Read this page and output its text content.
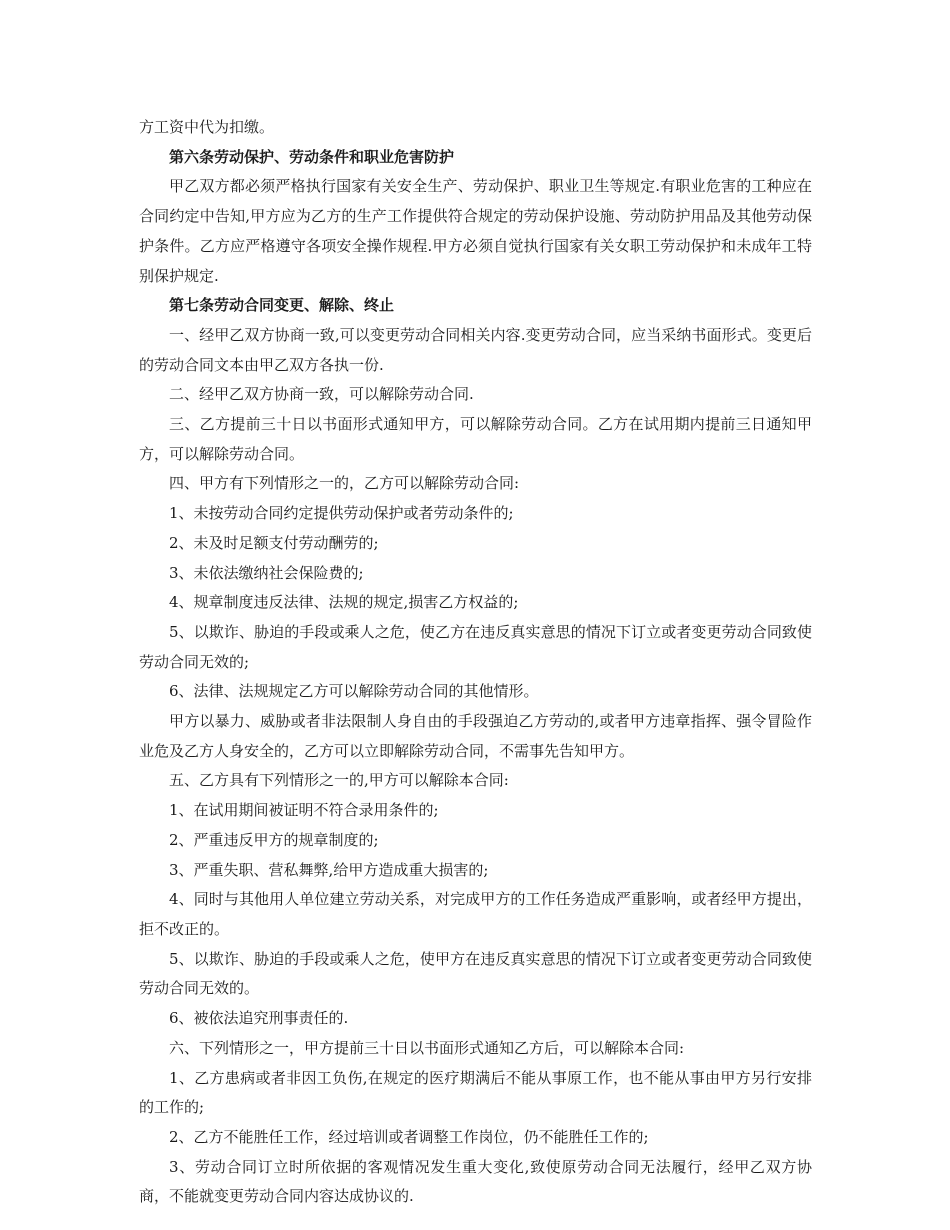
方工资中代为扣缴。

第六条劳动保护、劳动条件和职业危害防护

甲乙双方都必须严格执行国家有关安全生产、劳动保护、职业卫生等规定.有职业危害的工种应在合同约定中告知,甲方应为乙方的生产工作提供符合规定的劳动保护设施、劳动防护用品及其他劳动保护条件。乙方应严格遵守各项安全操作规程.甲方必须自觉执行国家有关女职工劳动保护和未成年工特别保护规定.

第七条劳动合同变更、解除、终止

一、经甲乙双方协商一致,可以变更劳动合同相关内容.变更劳动合同，应当采纳书面形式。变更后的劳动合同文本由甲乙双方各执一份.

二、经甲乙双方协商一致，可以解除劳动合同.

三、乙方提前三十日以书面形式通知甲方，可以解除劳动合同。乙方在试用期内提前三日通知甲方，可以解除劳动合同。

四、甲方有下列情形之一的，乙方可以解除劳动合同:

1、未按劳动合同约定提供劳动保护或者劳动条件的;

2、未及时足额支付劳动酬劳的;

3、未依法缴纳社会保险费的;

4、规章制度违反法律、法规的规定,损害乙方权益的;

5、以欺诈、胁迫的手段或乘人之危，使乙方在违反真实意思的情况下订立或者变更劳动合同致使劳动合同无效的;

6、法律、法规规定乙方可以解除劳动合同的其他情形。

甲方以暴力、威胁或者非法限制人身自由的手段强迫乙方劳动的,或者甲方违章指挥、强令冒险作业危及乙方人身安全的，乙方可以立即解除劳动合同，不需事先告知甲方。

五、乙方具有下列情形之一的,甲方可以解除本合同:

1、在试用期间被证明不符合录用条件的;

2、严重违反甲方的规章制度的;

3、严重失职、营私舞弊,给甲方造成重大损害的;

4、同时与其他用人单位建立劳动关系，对完成甲方的工作任务造成严重影响，或者经甲方提出，拒不改正的。

5、以欺诈、胁迫的手段或乘人之危，使甲方在违反真实意思的情况下订立或者变更劳动合同致使劳动合同无效的。

6、被依法追究刑事责任的.

六、下列情形之一，甲方提前三十日以书面形式通知乙方后，可以解除本合同:

1、乙方患病或者非因工负伤,在规定的医疗期满后不能从事原工作，也不能从事由甲方另行安排的工作的;

2、乙方不能胜任工作，经过培训或者调整工作岗位，仍不能胜任工作的;

3、劳动合同订立时所依据的客观情况发生重大变化,致使原劳动合同无法履行，经甲乙双方协商，不能就变更劳动合同内容达成协议的.
